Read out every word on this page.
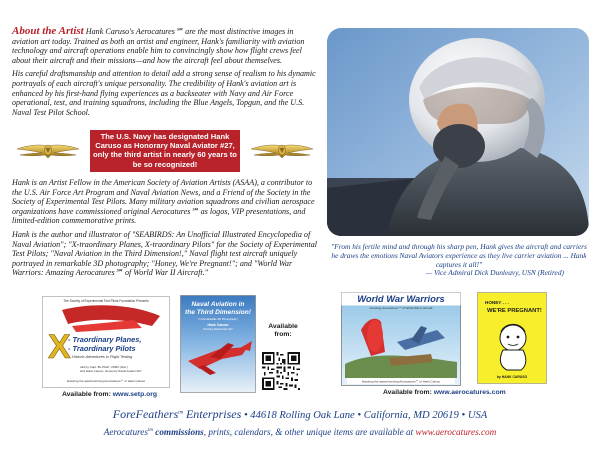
About the Artist Hank Caruso's Aerocatures℠ are the most distinctive images in aviation art today. Trained as both an artist and engineer, Hank's familiarity with aviation technology and aircraft operations enable him to convincingly show how flight crews feel about their aircraft and their missions—and how the aircraft feel about themselves.

His careful draftsmanship and attention to detail add a strong sense of realism to his dynamic portrayals of each aircraft's unique personality. The credibility of Hank's aviation art is enhanced by his first-hand flying experiences as a backseater with Navy and Air Force operational, test, and training squadrons, including the Blue Angels, Topgun, and the U.S. Naval Test Pilot School.

The U.S. Navy has designated Hank Caruso as Honorary Naval Aviator #27, only the third artist in nearly 60 years to be so recognized!

Hank is an Artist Fellow in the American Society of Aviation Artists (ASAA), a contributor to the U.S. Air Force Art Program and Naval Aviation News, and a Friend of the Society in the Society of Experimental Test Pilots. Many military aviation squadrons and civilian aerospace organizations have commissioned original Aerocatures℠ as logos, VIP presentations, and limited-edition commemorative prints.

Hank is the author and illustrator of "SEABIRDS: An Unofficial Illustrated Encyclopedia of Naval Aviation"; "X-traordinary Planes, X-traordinary Pilots" for the Society of Experimental Test Pilots; "Naval Aviation in the Third Dimension!," Naval flight test aircraft uniquely portrayed in remarkable 3D photography; "Honey, We're Pregnant!"; and "World War Warriors: Amazing Aerocatures℠ of World War II Aircraft."

"From his fertile mind and through his sharp pen, Hank gives the aircraft and carriers he draws the emotions Naval Aviators experience as they live carrier aviation ... Hank captures it all!"
— Vice Admiral Dick Dunleavy, USN (Retired)
The Society of Experimental Test Pilots Foundation Presents
X
- Traordinary Planes,
- Traordinary Pilots
Historic Adventures in Flight Testing
told by Capt. Bo Pfeiff, USMC (Ret.)
and Hank Caruso, Honorary Naval Aviator #27
featuring the award-winning Aerocatures℠ of Hank Caruso
Available from: www.setp.org
Naval Aviation in
the Third Dimension!
In Remarkable 3D Photography
Hank Caruso
Honorary Naval Aviator #27	Available
from:
World War Warriors
Amazing Aerocatures℠ of World War II Aircraft
featuring the award-winning Aerocatures℠ of Hank Caruso
HONEY . . .
WE'RE PREGNANT!
by HANK CARUSO
Available from: www.aerocatures.com
ForeFeathers$^{tm}$ Enterprises • 44618 Rolling Oak Lane • California, MD 20619 • USA
Aerocatures$^{tm}$ commissions, prints, calendars, & other unique items are available at www.aerocatures.com
